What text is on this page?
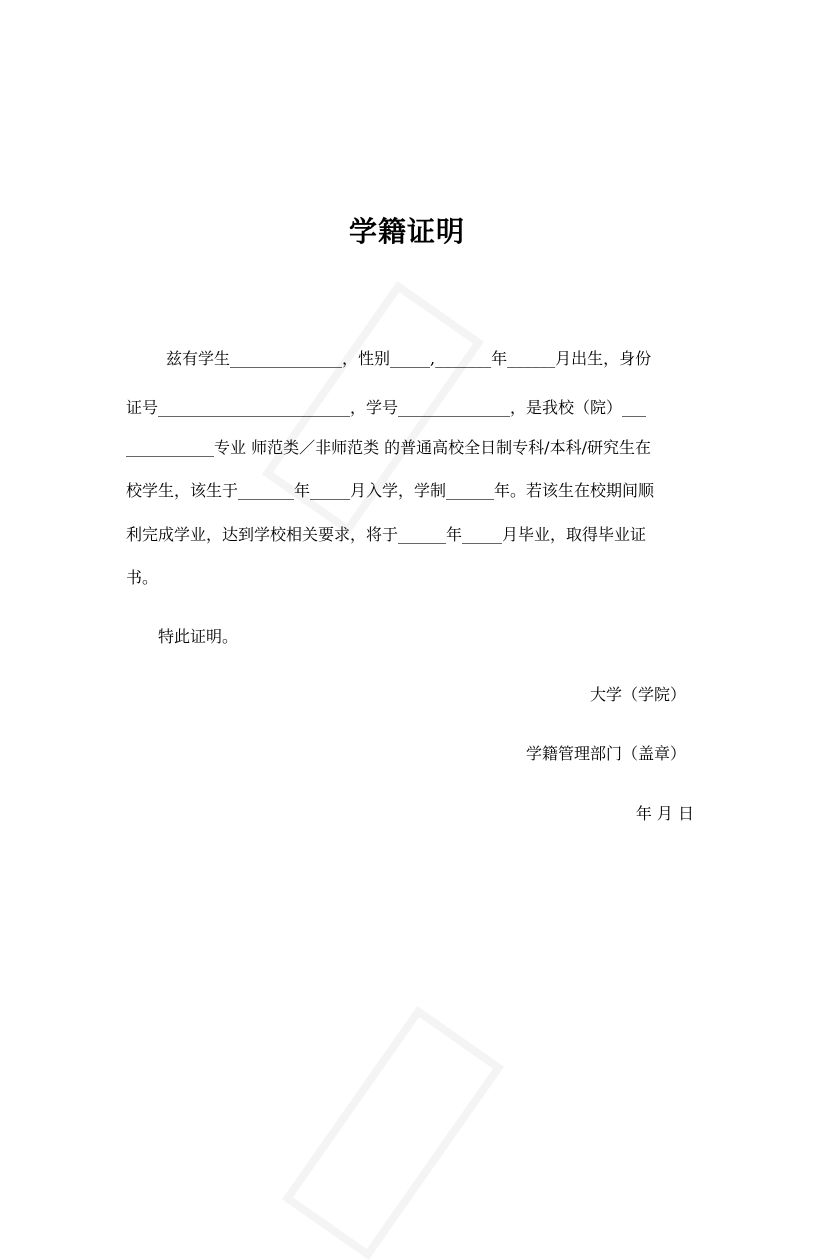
学籍证明
兹有学生______________，性别_____,_______年______月出生，身份
证号________________________，学号______________，是我校（院）___
___________专业 师范类／非师范类 的普通高校全日制专科/本科/研究生在
校学生，该生于_______年_____月入学，学制______年。若该生在校期间顺
利完成学业，达到学校相关要求，将于______年_____月毕业，取得毕业证
书。
特此证明。
大学（学院）
学籍管理部门（盖章）
年 月 日
